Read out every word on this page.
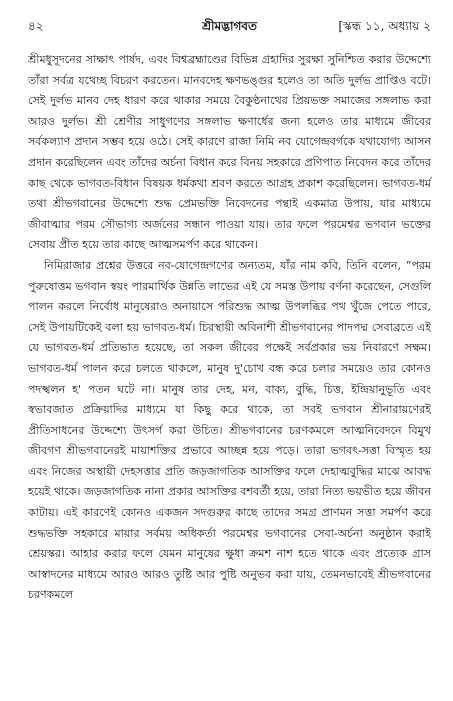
৪২	শ্রীমদ্ভাগবত	[স্কন্ধ ১১, অধ্যায় ২

শ্রীমধুসূদনের সাক্ষাৎ পার্ষদ, এবং বিশ্বব্রহ্মাণ্ডের বিভিন্ন গ্রহাদির সুরক্ষা সুনিশ্চিত করার উদ্দেশ্যে তাঁরা সর্বত্র যথেচ্ছ বিচরণ করতেন। মানবদেহ ক্ষণভঙ্গুর হলেও তা অতি দুর্লভ প্রাপ্তিও বটে। সেই দুর্লভ মানব দেহ ধারণ করে থাকার সময়ে বৈকুণ্ঠনাথের প্রিয়ভক্ত সমাজের সঙ্গলাভ করা আরও দুর্লভ। শ্রী শ্রেণীর সাধুগণের সঙ্গলাভ ক্ষণার্ধের জন্য হলেও তার মাধ্যমে জীবের সর্বকল্যাণ প্রদান সম্ভব হয়ে ওঠে। সেই কারণে রাজা নিমি নব যোগেন্দ্রবর্গকে যথাযোগ্য আসন প্রদান করেছিলেন এবং তাঁদের অর্চনা বিধান করে বিনয় সহকারে প্রণিপাত নিবেদন করে তাঁদের কাছ থেকে ভাগবত-বিধান বিষয়ক ধর্মকথা শ্রবণ করতে আগ্রহ প্রকাশ করেছিলেন। ভাগবত-ধর্ম তথা শ্রীভগবানের উদ্দেশ্যে শুদ্ধ প্রেমভক্তি নিবেদনের পন্থাই একমাত্র উপায়, যার মাধ্যমে জীবাত্মার পরম সৌভাগ্য অর্জনের সন্ধান পাওয়া যায়। তার ফলে পরমেশ্বর ভগবান ভক্তের সেবায় প্রীত হয়ে তার কাছে আত্মসমর্পণ করে থাকেন।

নিমিরাজার প্রশ্নের উত্তরে নব-যোগেন্দ্রগণের অন্যতম, যাঁর নাম কবি, তিনি বলেন, “পরম পুরুষোত্তম ভগবান স্বয়ং পারমার্থিক উন্নতি লাভের এই যে সমস্ত উপায় বর্ণনা করেছেন, সেগুলি পালন করলে নির্বোধ মানুষেরাও অনায়াসে পরিশুদ্ধ আত্ম উপলব্ধির পথ খুঁজে পেতে পারে, সেই উপায়টিকেই বলা হয় ভাগবত-ধর্ম। চিরস্থায়ী অবিনাশী শ্রীভগবানের পাদপদ্ম সেবাব্রতে এই যে ভাগবত-ধর্ম প্রতিভাত হয়েছে, তা সকল জীবের পক্ষেই সর্বপ্রকার ভয় নিবারণে সক্ষম। ভাগবত-ধর্ম পালন করে চলতে থাকলে, মানুষ দু'চোখ বন্ধ করে চলার সময়েও তার কোনও পদস্খলন হ' পতন ঘটে না। মানুষ তার দেহ, মন, বাক্য, বুদ্ধি, চিত্ত, ইন্দ্রিয়ানুভূতি এবং স্বভাবজাত প্রক্রিয়াদির মাধ্যমে যা কিছু করে থাকে, তা সবই ভগবান শ্রীনারায়ণেরই প্রীতিসাধনের উদ্দেশ্যে উৎসর্গ করা উচিত। শ্রীভগবানের চরণকমলে আত্মনিবেদনে বিমুখ জীবগণ শ্রীভগবানেরই মায়াশক্তির প্রভাবে আচ্ছন্ন হয়ে পড়ে। তারা ভগবৎ-সত্তা বিস্মৃত হয় এবং নিজের অস্থায়ী দেহসত্তার প্রতি জড়জাগতিক আসক্তির ফলে দেহাত্মবুদ্ধির মাঝে আবদ্ধ হয়েই থাকে। জড়জাগতিক নানা প্রকার আসক্তির বশবর্তী হয়ে, তারা নিত্য ভয়ভীত হয়ে জীবন কাটায়। এই কারণেই কোনও একজন সদগুরুর কাছে তাদের সমগ্র প্রাণমন সত্তা সমর্পণ করে শুদ্ধভক্তি সহকারে মায়ার সর্বময় অধিকর্তা পরমেশ্বর ভগবানের সেবা-অর্চনা অনুষ্ঠান করাই শ্রেয়স্কর। আহার করার ফলে যেমন মানুষের ক্ষুধা ক্রমশ নাশ হতে থাকে এবং প্রত্যেক গ্রাস আস্বাদনের মাধ্যমে আরও আরও তুষ্টি আর পুষ্টি অনুভব করা যায়, তেমনভাবেই শ্রীভগবানের চরণকমলে
